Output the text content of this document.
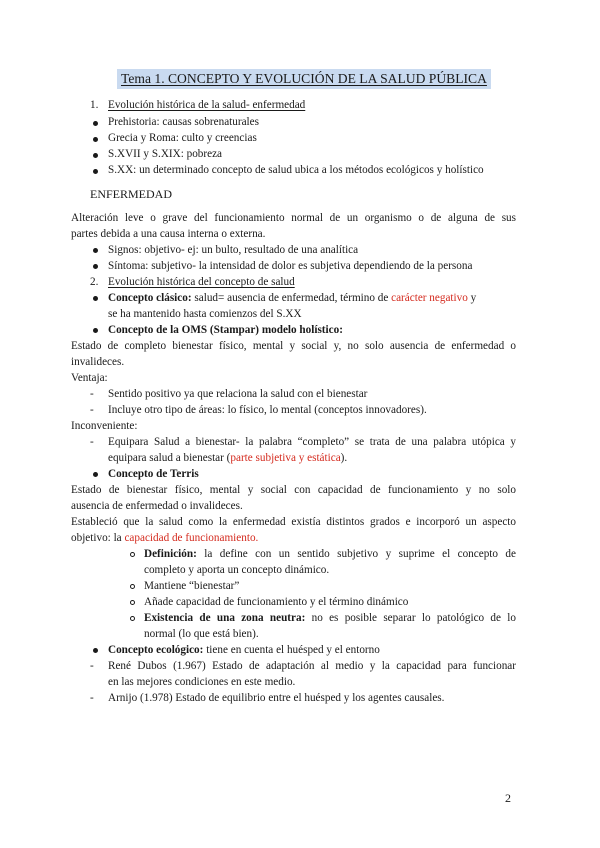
Tema 1. CONCEPTO Y EVOLUCIÓN DE LA SALUD PÚBLICA
1. Evolución histórica de la salud- enfermedad
Prehistoria: causas sobrenaturales
Grecia y Roma: culto y creencias
S.XVII y S.XIX: pobreza
S.XX: un determinado concepto de salud ubica a los métodos ecológicos y holístico
ENFERMEDAD
Alteración leve o grave del funcionamiento normal de un organismo o de alguna de sus
partes debida a una causa interna o externa.
Signos: objetivo- ej: un bulto, resultado de una analítica
Síntoma: subjetivo- la intensidad de dolor es subjetiva dependiendo de la persona
2. Evolución histórica del concepto de salud
Concepto clásico: salud= ausencia de enfermedad, término de carácter negativo y
se ha mantenido hasta comienzos del S.XX
Concepto de la OMS (Stampar) modelo holístico:
Estado de completo bienestar físico, mental y social y, no solo ausencia de enfermedad o
invalideces.
Ventaja:
- Sentido positivo ya que relaciona la salud con el bienestar
- Incluye otro tipo de áreas: lo físico, lo mental (conceptos innovadores).
Inconveniente:
- Equipara Salud a bienestar- la palabra “completo” se trata de una palabra utópica y
equipara salud a bienestar (parte subjetiva y estática).
Concepto de Terris
Estado de bienestar físico, mental y social con capacidad de funcionamiento y no solo
ausencia de enfermedad o invalideces.
Estableció que la salud como la enfermedad existía distintos grados e incorporó un aspecto
objetivo: la capacidad de funcionamiento.
Definición: la define con un sentido subjetivo y suprime el concepto de
completo y aporta un concepto dinámico.
Mantiene “bienestar”
Añade capacidad de funcionamiento y el término dinámico
Existencia de una zona neutra: no es posible separar lo patológico de lo
normal (lo que está bien).
Concepto ecológico: tiene en cuenta el huésped y el entorno
- René Dubos (1.967) Estado de adaptación al medio y la capacidad para funcionar
en las mejores condiciones en este medio.
- Arnijo (1.978) Estado de equilibrio entre el huésped y los agentes causales.
2
